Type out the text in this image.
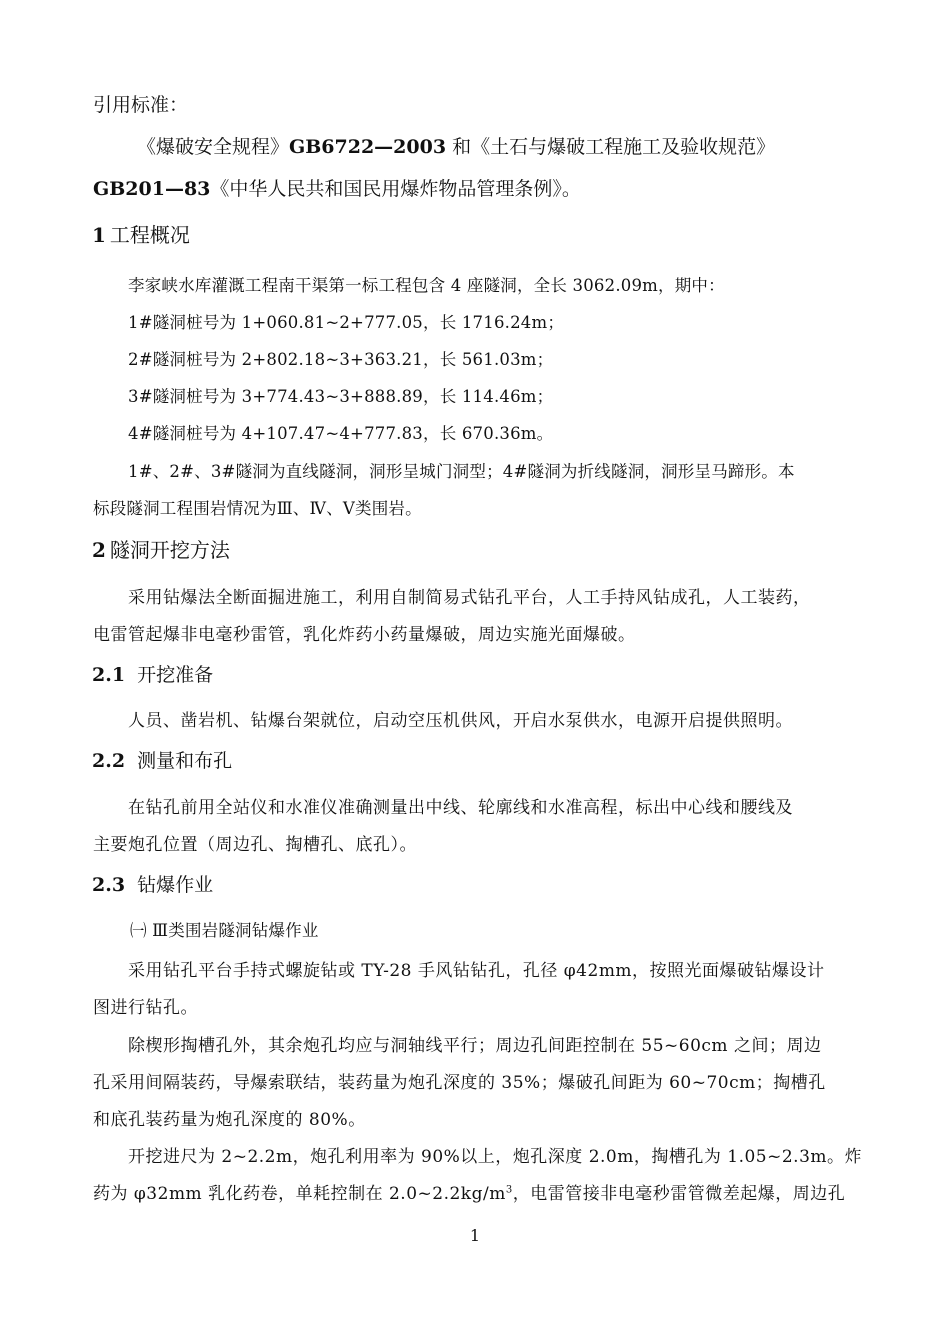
引用标准：
《爆破安全规程》GB6722—2003 和《土石与爆破工程施工及验收规范》
GB201—83《中华人民共和国民用爆炸物品管理条例》。
1 工程概况
李家峡水库灌溉工程南干渠第一标工程包含 4 座隧洞，全长 3062.09m，期中：
1#隧洞桩号为 1+060.81~2+777.05，长 1716.24m；
2#隧洞桩号为 2+802.18~3+363.21，长 561.03m；
3#隧洞桩号为 3+774.43~3+888.89，长 114.46m；
4#隧洞桩号为 4+107.47~4+777.83，长 670.36m。
1#、2#、3#隧洞为直线隧洞，洞形呈城门洞型；4#隧洞为折线隧洞，洞形呈马蹄形。本
标段隧洞工程围岩情况为Ⅲ、Ⅳ、Ⅴ类围岩。
2 隧洞开挖方法
采用钻爆法全断面掘进施工，利用自制简易式钻孔平台，人工手持风钻成孔，人工装药，
电雷管起爆非电毫秒雷管，乳化炸药小药量爆破，周边实施光面爆破。
2.1 开挖准备
人员、凿岩机、钻爆台架就位，启动空压机供风，开启水泵供水，电源开启提供照明。
2.2 测量和布孔
在钻孔前用全站仪和水准仪准确测量出中线、轮廓线和水准高程，标出中心线和腰线及
主要炮孔位置（周边孔、掏槽孔、底孔）。
2.3 钻爆作业
㈠ Ⅲ类围岩隧洞钻爆作业
采用钻孔平台手持式螺旋钻或 TY-28 手风钻钻孔，孔径 φ42mm，按照光面爆破钻爆设计
图进行钻孔。
除楔形掏槽孔外，其余炮孔均应与洞轴线平行；周边孔间距控制在 55~60cm 之间；周边
孔采用间隔装药，导爆索联结，装药量为炮孔深度的 35%；爆破孔间距为 60~70cm；掏槽孔
和底孔装药量为炮孔深度的 80%。
开挖进尺为 2~2.2m，炮孔利用率为 90%以上，炮孔深度 2.0m，掏槽孔为 1.05~2.3m。炸
药为 φ32mm 乳化药卷，单耗控制在 $2.0\sim 2.2kg/m^3$，电雷管接非电毫秒雷管微差起爆，周边孔
1
